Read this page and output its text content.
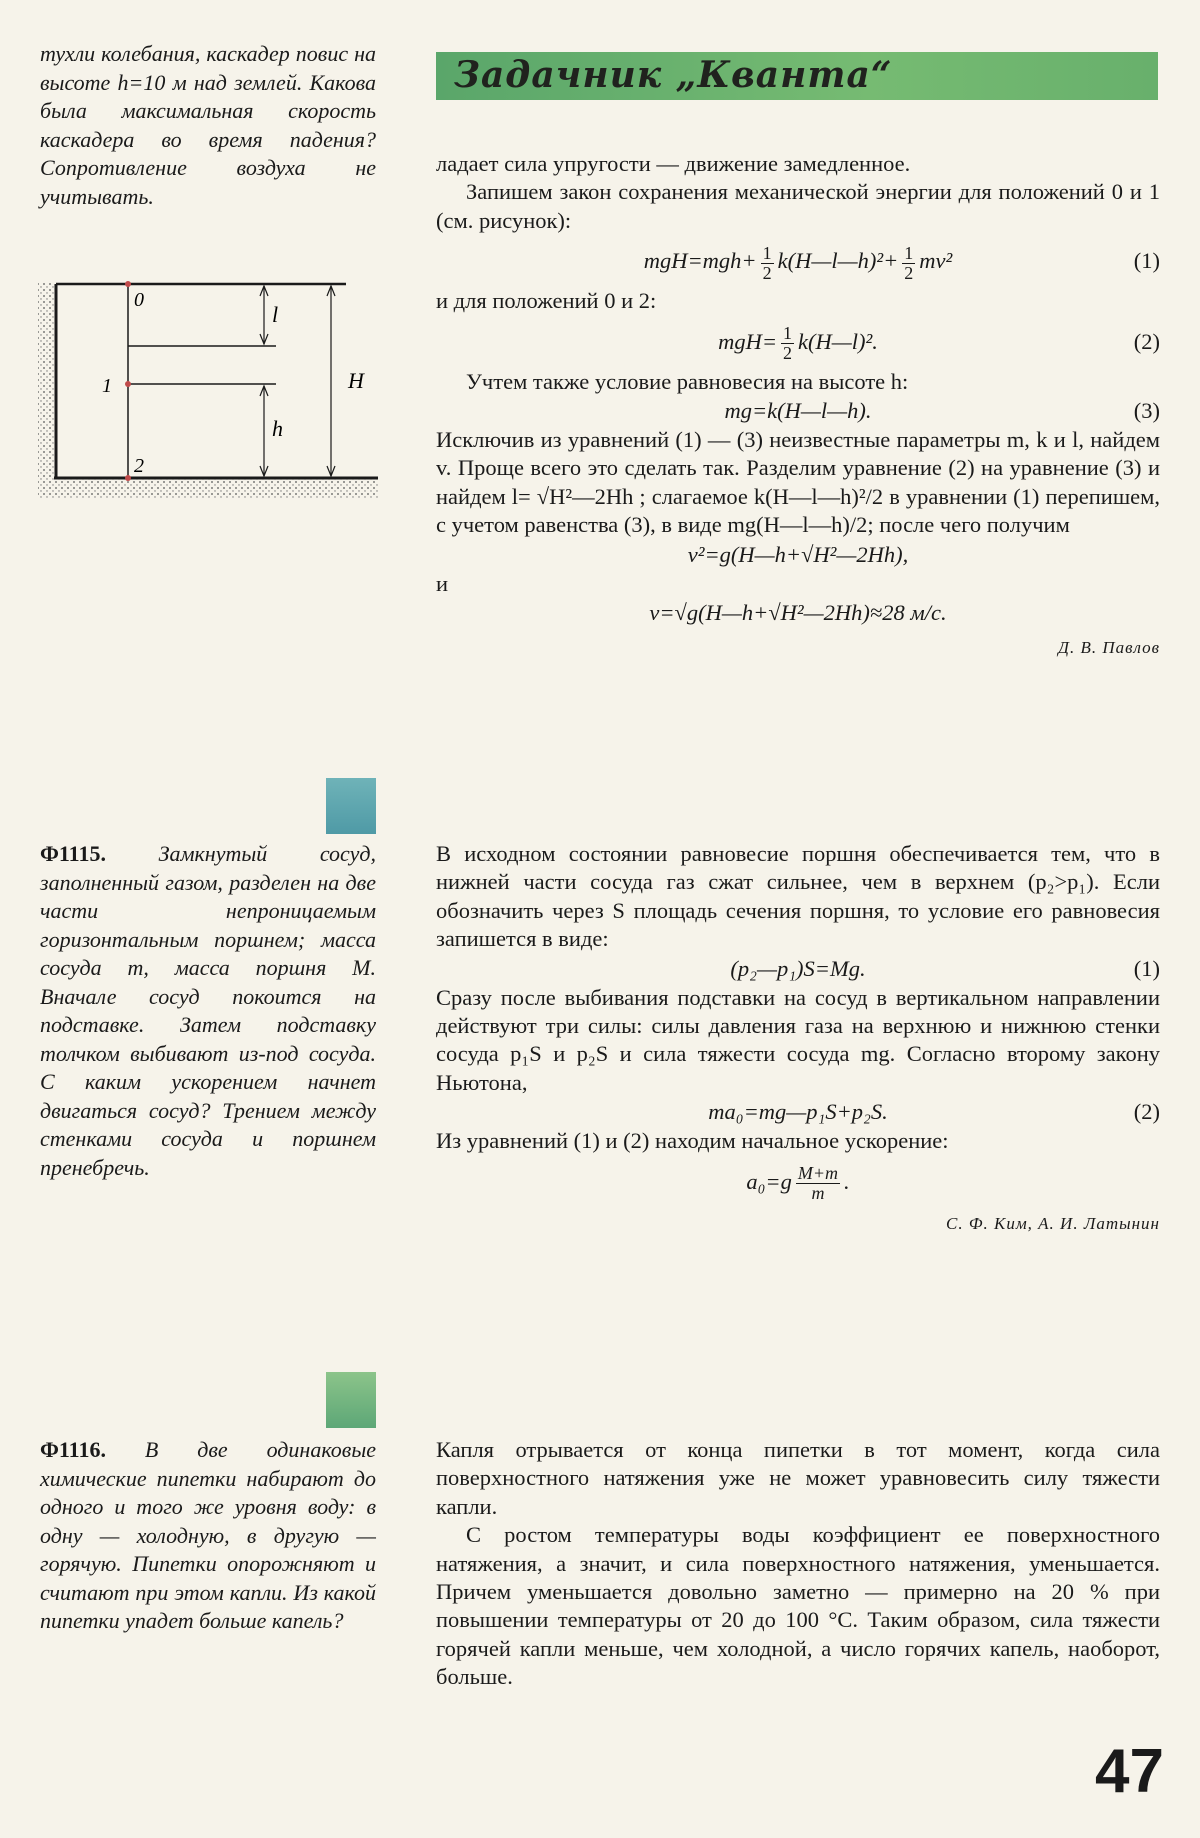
Задачник „Кванта“
тухли колебания, каскадер повис на высоте h=10 м над землей. Какова была максимальная скорость каскадера во время падения? Сопротивление воздуха не учитывать.
0
1
2
l
h
H

ладает сила упругости — движение замедленное.

Запишем закон сохранения механической энергии для положений 0 и 1 (см. рисунок):

$mgH=mgh+ \frac{1}{2}$ k(H—l—h)²+ $\frac{1}{2} mv^2$	(1)

и для положений 0 и 2:

$mgH= \frac{1}{2}$ k(H—l)².	(2)

Учтем также условие равновесия на высоте h:

mg=k(H—l—h).	(3)

Исключив из уравнений (1) — (3) неизвестные параметры m, k и l, найдем v. Проще всего это сделать так. Разделим уравнение (2) на уравнение (3) и найдем l= √H²—2Hh ; слагаемое k(H—l—h)²/2 в уравнении (1) перепишем, с учетом равенства (3), в виде mg(H—l—h)/2; после чего получим

v²=g(H—h+√H²—2Hh),

и

v=√g(H—h+√H²—2Hh)≈28 м/с.
Д. В. Павлов
Ф1115. Замкнутый сосуд, заполненный газом, разделен на две части непроницаемым горизонтальным поршнем; масса сосуда m, масса поршня M. Вначале сосуд покоится на подставке. Затем подставку толчком выбивают из-под сосуда. С каким ускорением начнет двигаться сосуд? Трением между стенками сосуда и поршнем пренебречь.

В исходном состоянии равновесие поршня обеспечивается тем, что в нижней части сосуда газ сжат сильнее, чем в верхнем (p₂>p₁). Если обозначить через S площадь сечения поршня, то условие его равновесия запишется в виде:

(p₂—p₁)S=Mg.	(1)

Сразу после выбивания подставки на сосуд в вертикальном направлении действуют три силы: силы давления газа на верхнюю и нижнюю стенки сосуда p₁S и p₂S и сила тяжести сосуда mg. Согласно второму закону Ньютона,

ma₀=mg—p₁S+p₂S.	(2)

Из уравнений (1) и (2) находим начальное ускорение:

$a_0=g \frac{M+m}{m}$ .
С. Ф. Ким, А. И. Латынин
Ф1116. В две одинаковые химические пипетки набирают до одного и того же уровня воду: в одну — холодную, в другую — горячую. Пипетки опорожняют и считают при этом капли. Из какой пипетки упадет больше капель?

Капля отрывается от конца пипетки в тот момент, когда сила поверхностного натяжения уже не может уравновесить силу тяжести капли.

С ростом температуры воды коэффициент ее поверхностного натяжения, а значит, и сила поверхностного натяжения, уменьшается. Причем уменьшается довольно заметно — примерно на 20 % при повышении температуры от 20 до 100 °С. Таким образом, сила тяжести горячей капли меньше, чем холодной, а число горячих капель, наоборот, больше.

47
